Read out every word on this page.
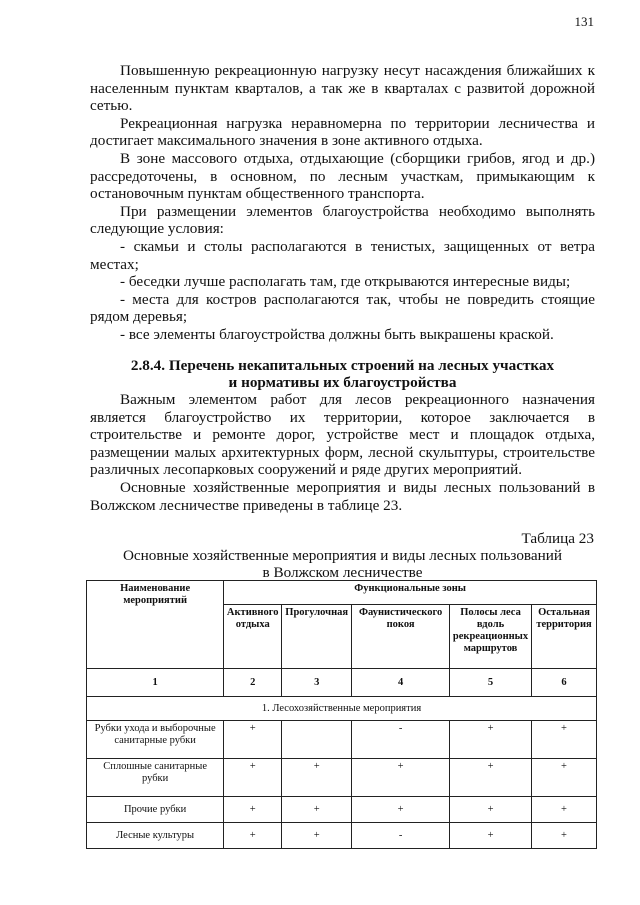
131

Повышенную рекреационную нагрузку несут насаждения ближайших к населенным пунктам кварталов, а так же в кварталах с развитой дорожной сетью.

Рекреационная нагрузка неравномерна по территории лесничества и достигает максимального значения в зоне активного отдыха.

В зоне массового отдыха, отдыхающие (сборщики грибов, ягод и др.) рассредоточены, в основном, по лесным участкам, примыкающим к остановочным пунктам общественного транспорта.

При размещении элементов благоустройства необходимо выполнять следующие условия:

- скамьи и столы располагаются в тенистых, защищенных от ветра местах;

- беседки лучше располагать там, где открываются интересные виды;

- места для костров располагаются так, чтобы не повредить стоящие рядом деревья;

- все элементы благоустройства должны быть выкрашены краской.

2.8.4. Перечень некапитальных строений на лесных участках
и нормативы их благоустройства

Важным элементом работ для лесов рекреационного назначения является благоустройство их территории, которое заключается в строительстве и ремонте дорог, устройстве мест и площадок отдыха, размещении малых архитектурных форм, лесной скульптуры, строительстве различных лесопарковых сооружений и ряде других мероприятий.

Основные хозяйственные мероприятия и виды лесных пользований в Волжском лесничестве приведены в таблице 23.

Таблица 23
Основные хозяйственные мероприятия и виды лесных пользований
в Волжском лесничестве
Наименование мероприятий	Функциональные зоны				
	Активного отдыха	Прогулочная	Фаунистического покоя	Полосы леса вдоль рекреационных маршрутов	Остальная территория
1	2	3	4	5	6
1. Лесохозяйственные мероприятия					
Рубки ухода и выборочные санитарные рубки	+		-	+	+
Сплошные санитарные рубки	+	+	+	+	+
Прочие рубки	+	+	+	+	+
Лесные культуры	+	+	-	+	+
